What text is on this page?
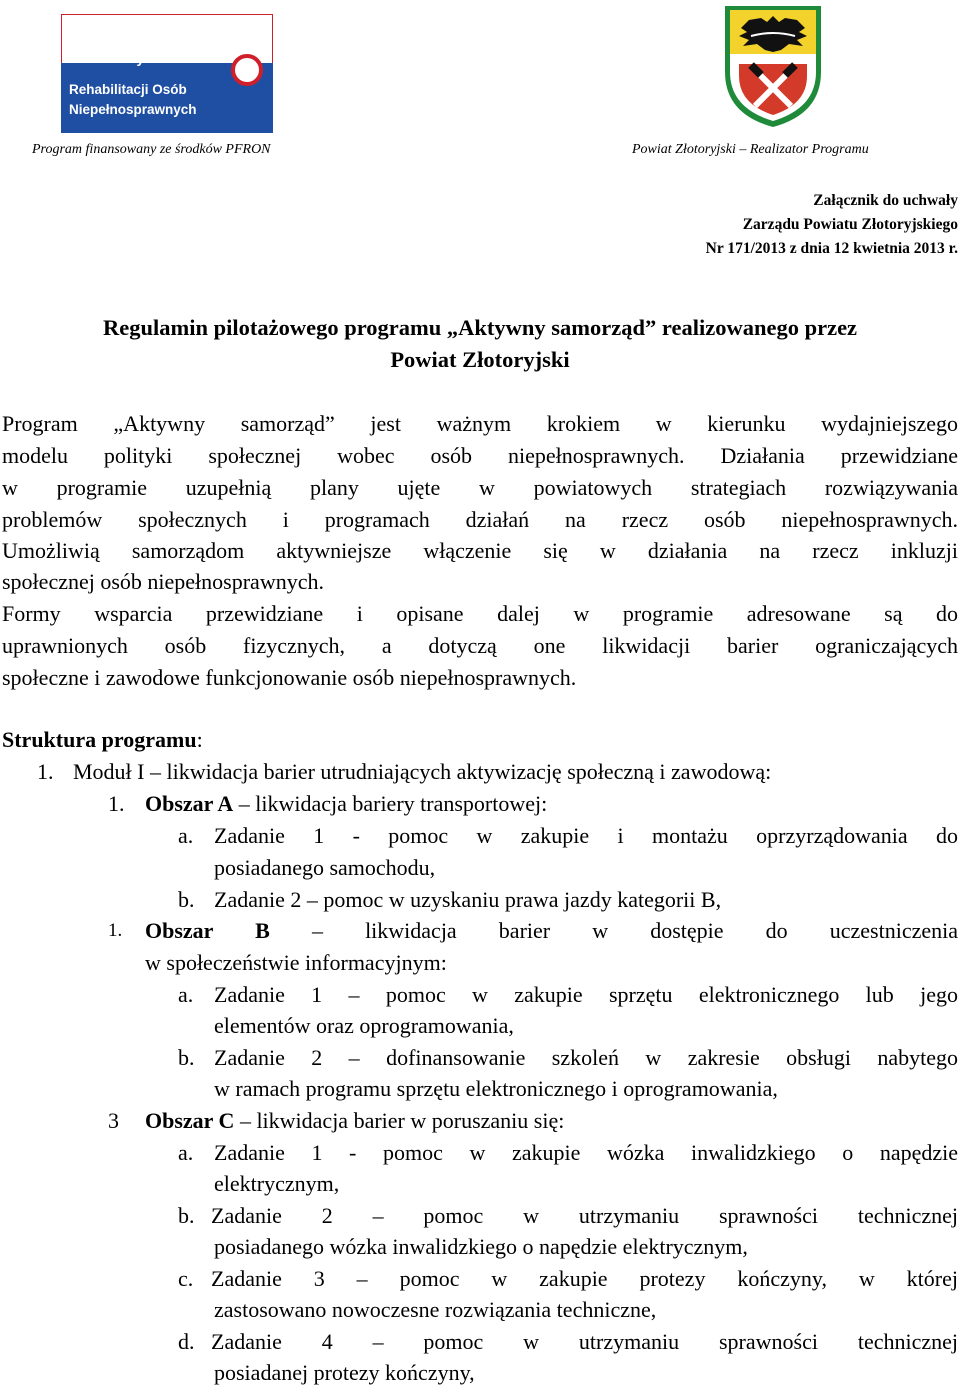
Państwowy Fundusz
Rehabilitacji Osób
Niepełnosprawnych
Program finansowany ze środków PFRON	Powiat Złotoryjski – Realizator Programu
Załącznik do uchwały
Zarządu Powiatu Złotoryjskiego
Nr 171/2013 z dnia 12 kwietnia 2013 r.
Regulamin pilotażowego programu „Aktywny samorząd” realizowanego przez
Powiat Złotoryjski
Program „Aktywny samorząd” jest ważnym krokiem w kierunku wydajniejszego
modelu polityki społecznej wobec osób niepełnosprawnych. Działania przewidziane
w programie uzupełnią plany ujęte w powiatowych strategiach rozwiązywania
problemów społecznych i programach działań na rzecz osób niepełnosprawnych.
Umożliwią samorządom aktywniejsze włączenie się w działania na rzecz inkluzji
społecznej osób niepełnosprawnych.
Formy wsparcia przewidziane i opisane dalej w programie adresowane są do
uprawnionych osób fizycznych, a dotyczą one likwidacji barier ograniczających
społeczne i zawodowe funkcjonowanie osób niepełnosprawnych.
Struktura programu:
1. Moduł I – likwidacja barier utrudniających aktywizację społeczną i zawodową:
1. Obszar A – likwidacja bariery transportowej:
a. Zadanie 1 - pomoc w zakupie i montażu oprzyrządowania do
posiadanego samochodu,
b. Zadanie 2 – pomoc w uzyskaniu prawa jazdy kategorii B,
1. Obszar B – likwidacja barier w dostępie do uczestniczenia
w społeczeństwie informacyjnym:
a. Zadanie 1 – pomoc w zakupie sprzętu elektronicznego lub jego
elementów oraz oprogramowania,
b. Zadanie 2 – dofinansowanie szkoleń w zakresie obsługi nabytego
w ramach programu sprzętu elektronicznego i oprogramowania,
3 Obszar C – likwidacja barier w poruszaniu się:
a. Zadanie 1 - pomoc w zakupie wózka inwalidzkiego o napędzie
elektrycznym,
b. Zadanie 2 – pomoc w utrzymaniu sprawności technicznej
posiadanego wózka inwalidzkiego o napędzie elektrycznym,
c. Zadanie 3 – pomoc w zakupie protezy kończyny, w której
zastosowano nowoczesne rozwiązania techniczne,
d. Zadanie 4 – pomoc w utrzymaniu sprawności technicznej
posiadanej protezy kończyny,
